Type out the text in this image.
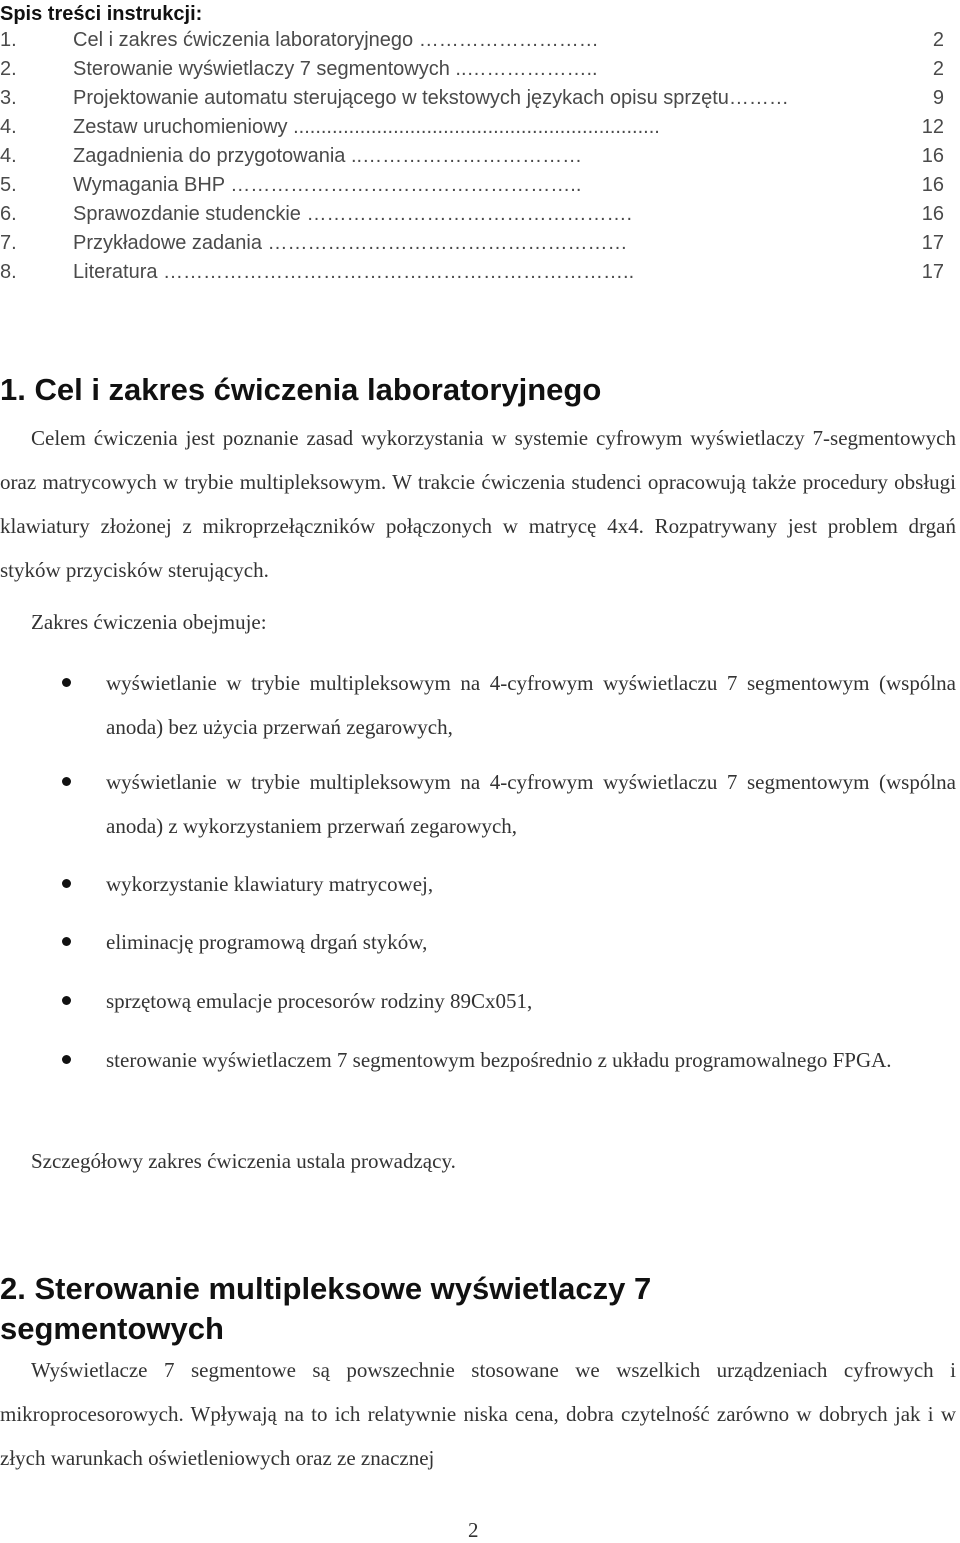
Spis treści instrukcji:
1.	Cel i zakres ćwiczenia laboratoryjnego ………………………	2
2.	Sterowanie wyświetlaczy 7 segmentowych ..………………..	2
3.	Projektowanie automatu sterującego w tekstowych językach opisu sprzętu………	9
4.	Zestaw uruchomieniowy ..................................................................	12
4.	Zagadnienia do przygotowania ..……………………………	16
5.	Wymagania BHP ……………………………………………..	16
6.	Sprawozdanie studenckie ………………………………………….	16
7.	Przykładowe zadania ………………………………………………	17
8.	Literatura ……………………………………………………………..	17
1. Cel i zakres ćwiczenia laboratoryjnego
Celem ćwiczenia jest poznanie zasad wykorzystania w systemie cyfrowym wyświetlaczy 7-segmentowych oraz matrycowych w trybie multipleksowym. W trakcie ćwiczenia studenci opracowują także procedury obsługi klawiatury złożonej z mikroprzełączników połączonych w matrycę 4x4. Rozpatrywany jest problem drgań styków przycisków sterujących.
Zakres ćwiczenia obejmuje:
wyświetlanie w trybie multipleksowym na 4-cyfrowym wyświetlaczu 7 segmentowym (wspólna anoda) bez użycia przerwań zegarowych,
wyświetlanie w trybie multipleksowym na 4-cyfrowym wyświetlaczu 7 segmentowym (wspólna anoda) z wykorzystaniem przerwań zegarowych,
wykorzystanie klawiatury matrycowej,
eliminację programową drgań styków,
sprzętową emulacje procesorów rodziny 89Cx051,
sterowanie wyświetlaczem 7 segmentowym bezpośrednio z układu programowalnego FPGA.
Szczegółowy zakres ćwiczenia ustala prowadzący.
2. Sterowanie multipleksowe wyświetlaczy 7
segmentowych
Wyświetlacze 7 segmentowe są powszechnie stosowane we wszelkich urządzeniach cyfrowych i mikroprocesorowych. Wpływają na to ich relatywnie niska cena, dobra czytelność zarówno w dobrych jak i w złych warunkach oświetleniowych oraz ze znacznej
2
